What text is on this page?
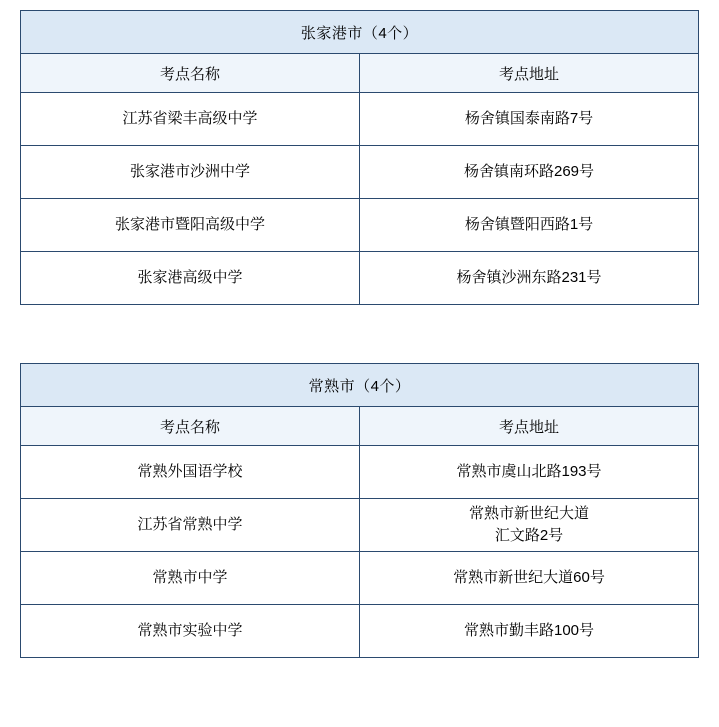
张家港市（4个）	
考点名称	考点地址
江苏省梁丰高级中学	杨舍镇国泰南路7号

张家港市沙洲中学	杨舍镇南环路269号

张家港市暨阳高级中学	杨舍镇暨阳西路1号

张家港高级中学	杨舍镇沙洲东路231号
常熟市（4个）	
考点名称	考点地址
常熟外国语学校	常熟市虞山北路193号

江苏省常熟中学	常熟市新世纪大道
汇文路2号

常熟市中学	常熟市新世纪大道60号

常熟市实验中学	常熟市勤丰路100号
